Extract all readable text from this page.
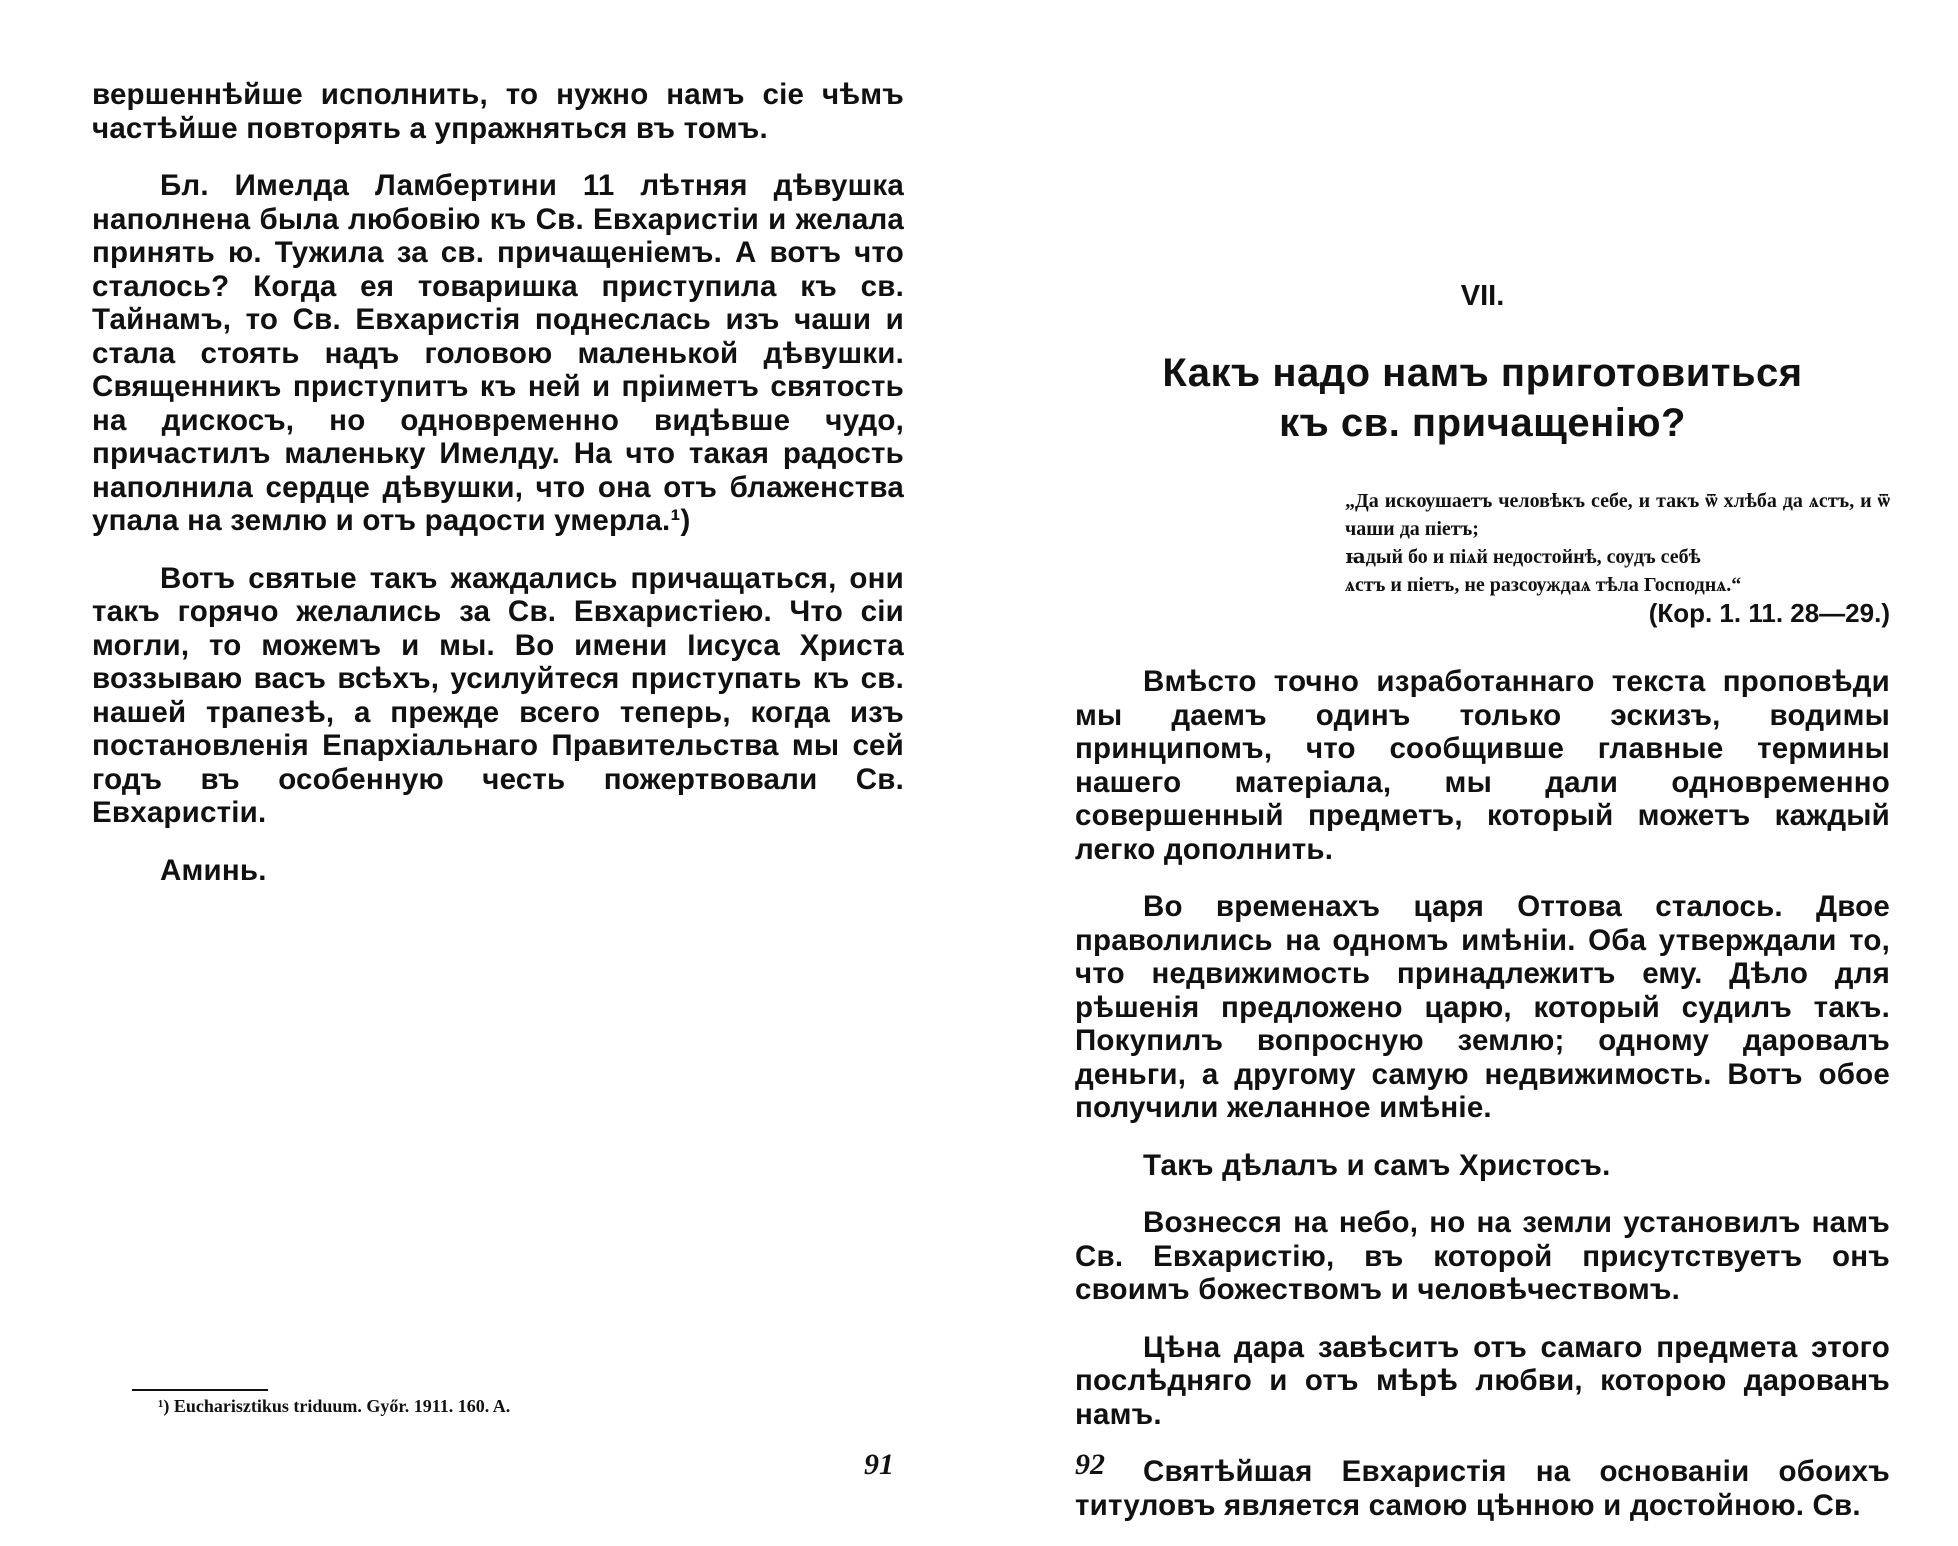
вершеннѣйше исполнить, то нужно намъ сіе чѣмъ частѣйше повторять а упражняться въ томъ.

Бл. Имелда Ламбертини 11 лѣтняя дѣвушка наполнена была любовію къ Св. Евхаристіи и желала принять ю. Тужила за св. причащеніемъ. А вотъ что сталось? Когда ея товаришка приступила къ св. Тайнамъ, то Св. Евхаристія поднеслась изъ чаши и стала стоять надъ головою маленькой дѣвушки. Священникъ приступитъ къ ней и пріиметъ святость на дискосъ, но одновременно видѣвше чудо, причастилъ маленьку Имелду. На что такая радость наполнила сердце дѣвушки, что она отъ блаженства упала на землю и отъ радости умерла.¹)

Вотъ святые такъ жаждались причащаться, они такъ горячо желались за Св. Евхаристіею. Что сіи могли, то можемъ и мы. Во имени Іисуса Христа воззываю васъ всѣхъ, усилуйтеся приступать къ св. нашей трапезѣ, а прежде всего теперь, когда изъ постановленія Епархіальнаго Правительства мы сей годъ въ особенную честь пожертвовали Св. Евхаристіи.

Аминь.

¹) Eucharisztikus triduum. Győr. 1911. 160. A.
91
VII.
Какъ надо намъ приготовиться
къ св. причащенію?
„Да искѹшаетъ человѣкъ себе, и такъ ѿ хлѣба да ѧстъ, и ѿ чаши да піетъ;
ꙗдый бо и піѧй недостойнѣ, сѹдъ себѣ
ѧстъ и піетъ, не разсѹждаѧ тѣла Господнѧ.“
(Кор. 1. 11. 28—29.)

Вмѣсто точно изработаннаго текста проповѣди мы даемъ одинъ только эскизъ, водимы принципомъ, что сообщивше главные термины нашего матеріала, мы дали одновременно совершенный предметъ, который можетъ каждый легко дополнить.

Во временахъ царя Оттова сталось. Двое праволились на одномъ имѣніи. Оба утверждали то, что недвижимость принадлежитъ ему. Дѣло для рѣшенія предложено царю, который судилъ такъ. Покупилъ вопросную землю; одному даровалъ деньги, а другому самую недвижимость. Вотъ обое получили желанное имѣніе.

Такъ дѣлалъ и самъ Христосъ.

Вознесся на небо, но на земли установилъ намъ Св. Евхаристію, въ которой присутствуетъ онъ своимъ божествомъ и человѣчествомъ.

Цѣна дара завѣситъ отъ самаго предмета этого послѣдняго и отъ мѣрѣ любви, которою дарованъ намъ.

Святѣйшая Евхаристія на основаніи обоихъ титуловъ является самою цѣнною и достойною. Св.

92
